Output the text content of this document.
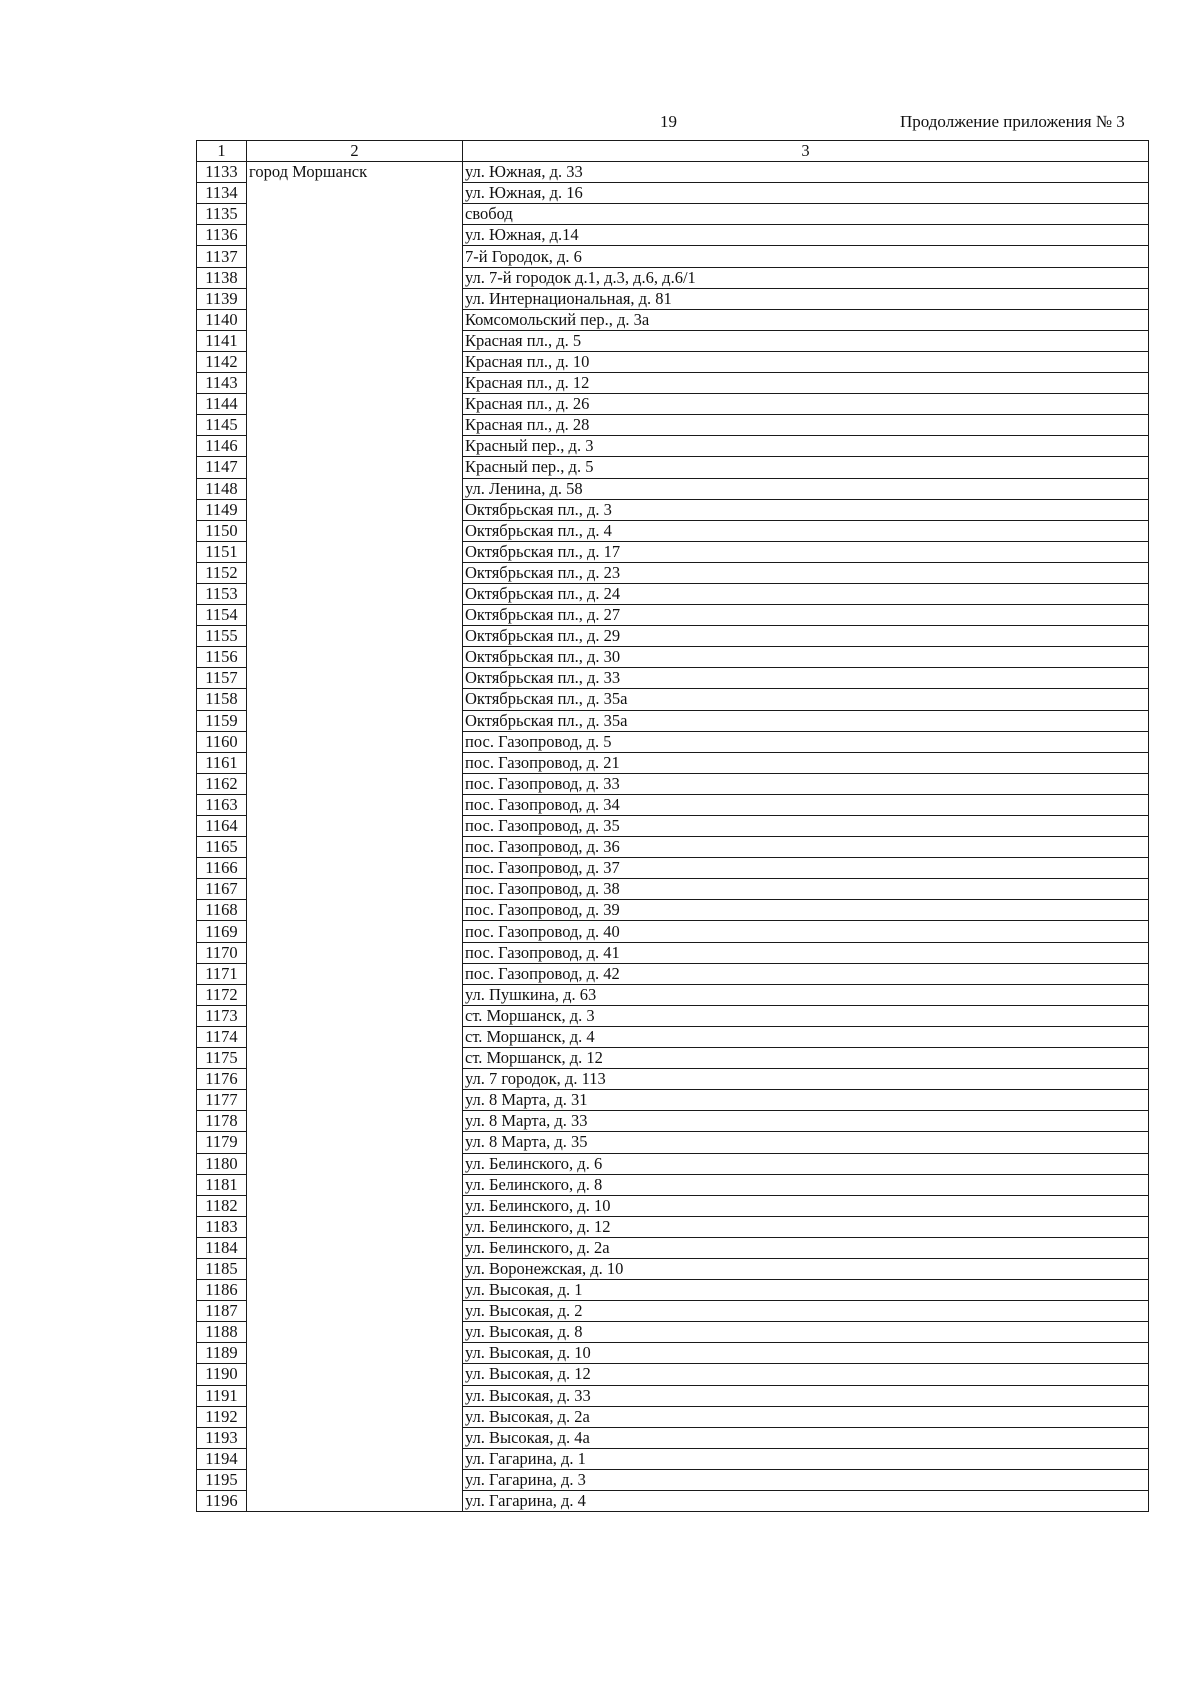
19	Продолжение приложения № 3
1	2	3
1133	город Моршанск	ул. Южная, д. 33
1134		ул. Южная, д. 16
1135		свобод
1136		ул. Южная, д.14
1137		7-й Городок, д. 6
1138		ул. 7-й городок д.1, д.3, д.6, д.6/1
1139		ул. Интернациональная, д. 81
1140		Комсомольский пер., д. 3а
1141		Красная пл., д. 5
1142		Красная пл., д. 10
1143		Красная пл., д. 12
1144		Красная пл., д. 26
1145		Красная пл., д. 28
1146		Красный пер., д. 3
1147		Красный пер., д. 5
1148		ул. Ленина, д. 58
1149		Октябрьская пл., д. 3
1150		Октябрьская пл., д. 4
1151		Октябрьская пл., д. 17
1152		Октябрьская пл., д. 23
1153		Октябрьская пл., д. 24
1154		Октябрьская пл., д. 27
1155		Октябрьская пл., д. 29
1156		Октябрьская пл., д. 30
1157		Октябрьская пл., д. 33
1158		Октябрьская пл., д. 35а
1159		Октябрьская пл., д. 35а
1160		пос. Газопровод, д. 5
1161		пос. Газопровод, д. 21
1162		пос. Газопровод, д. 33
1163		пос. Газопровод, д. 34
1164		пос. Газопровод, д. 35
1165		пос. Газопровод, д. 36
1166		пос. Газопровод, д. 37
1167		пос. Газопровод, д. 38
1168		пос. Газопровод, д. 39
1169		пос. Газопровод, д. 40
1170		пос. Газопровод, д. 41
1171		пос. Газопровод, д. 42
1172		ул. Пушкина, д. 63
1173		ст. Моршанск, д. 3
1174		ст. Моршанск, д. 4
1175		ст. Моршанск, д. 12
1176		ул. 7 городок, д. 113
1177		ул. 8 Марта, д. 31
1178		ул. 8 Марта, д. 33
1179		ул. 8 Марта, д. 35
1180		ул. Белинского, д. 6
1181		ул. Белинского, д. 8
1182		ул. Белинского, д. 10
1183		ул. Белинского, д. 12
1184		ул. Белинского, д. 2а
1185		ул. Воронежская, д. 10
1186		ул. Высокая, д. 1
1187		ул. Высокая, д. 2
1188		ул. Высокая, д. 8
1189		ул. Высокая, д. 10
1190		ул. Высокая, д. 12
1191		ул. Высокая, д. 33
1192		ул. Высокая, д. 2а
1193		ул. Высокая, д. 4а
1194		ул. Гагарина, д. 1
1195		ул. Гагарина, д. 3
1196		ул. Гагарина, д. 4
